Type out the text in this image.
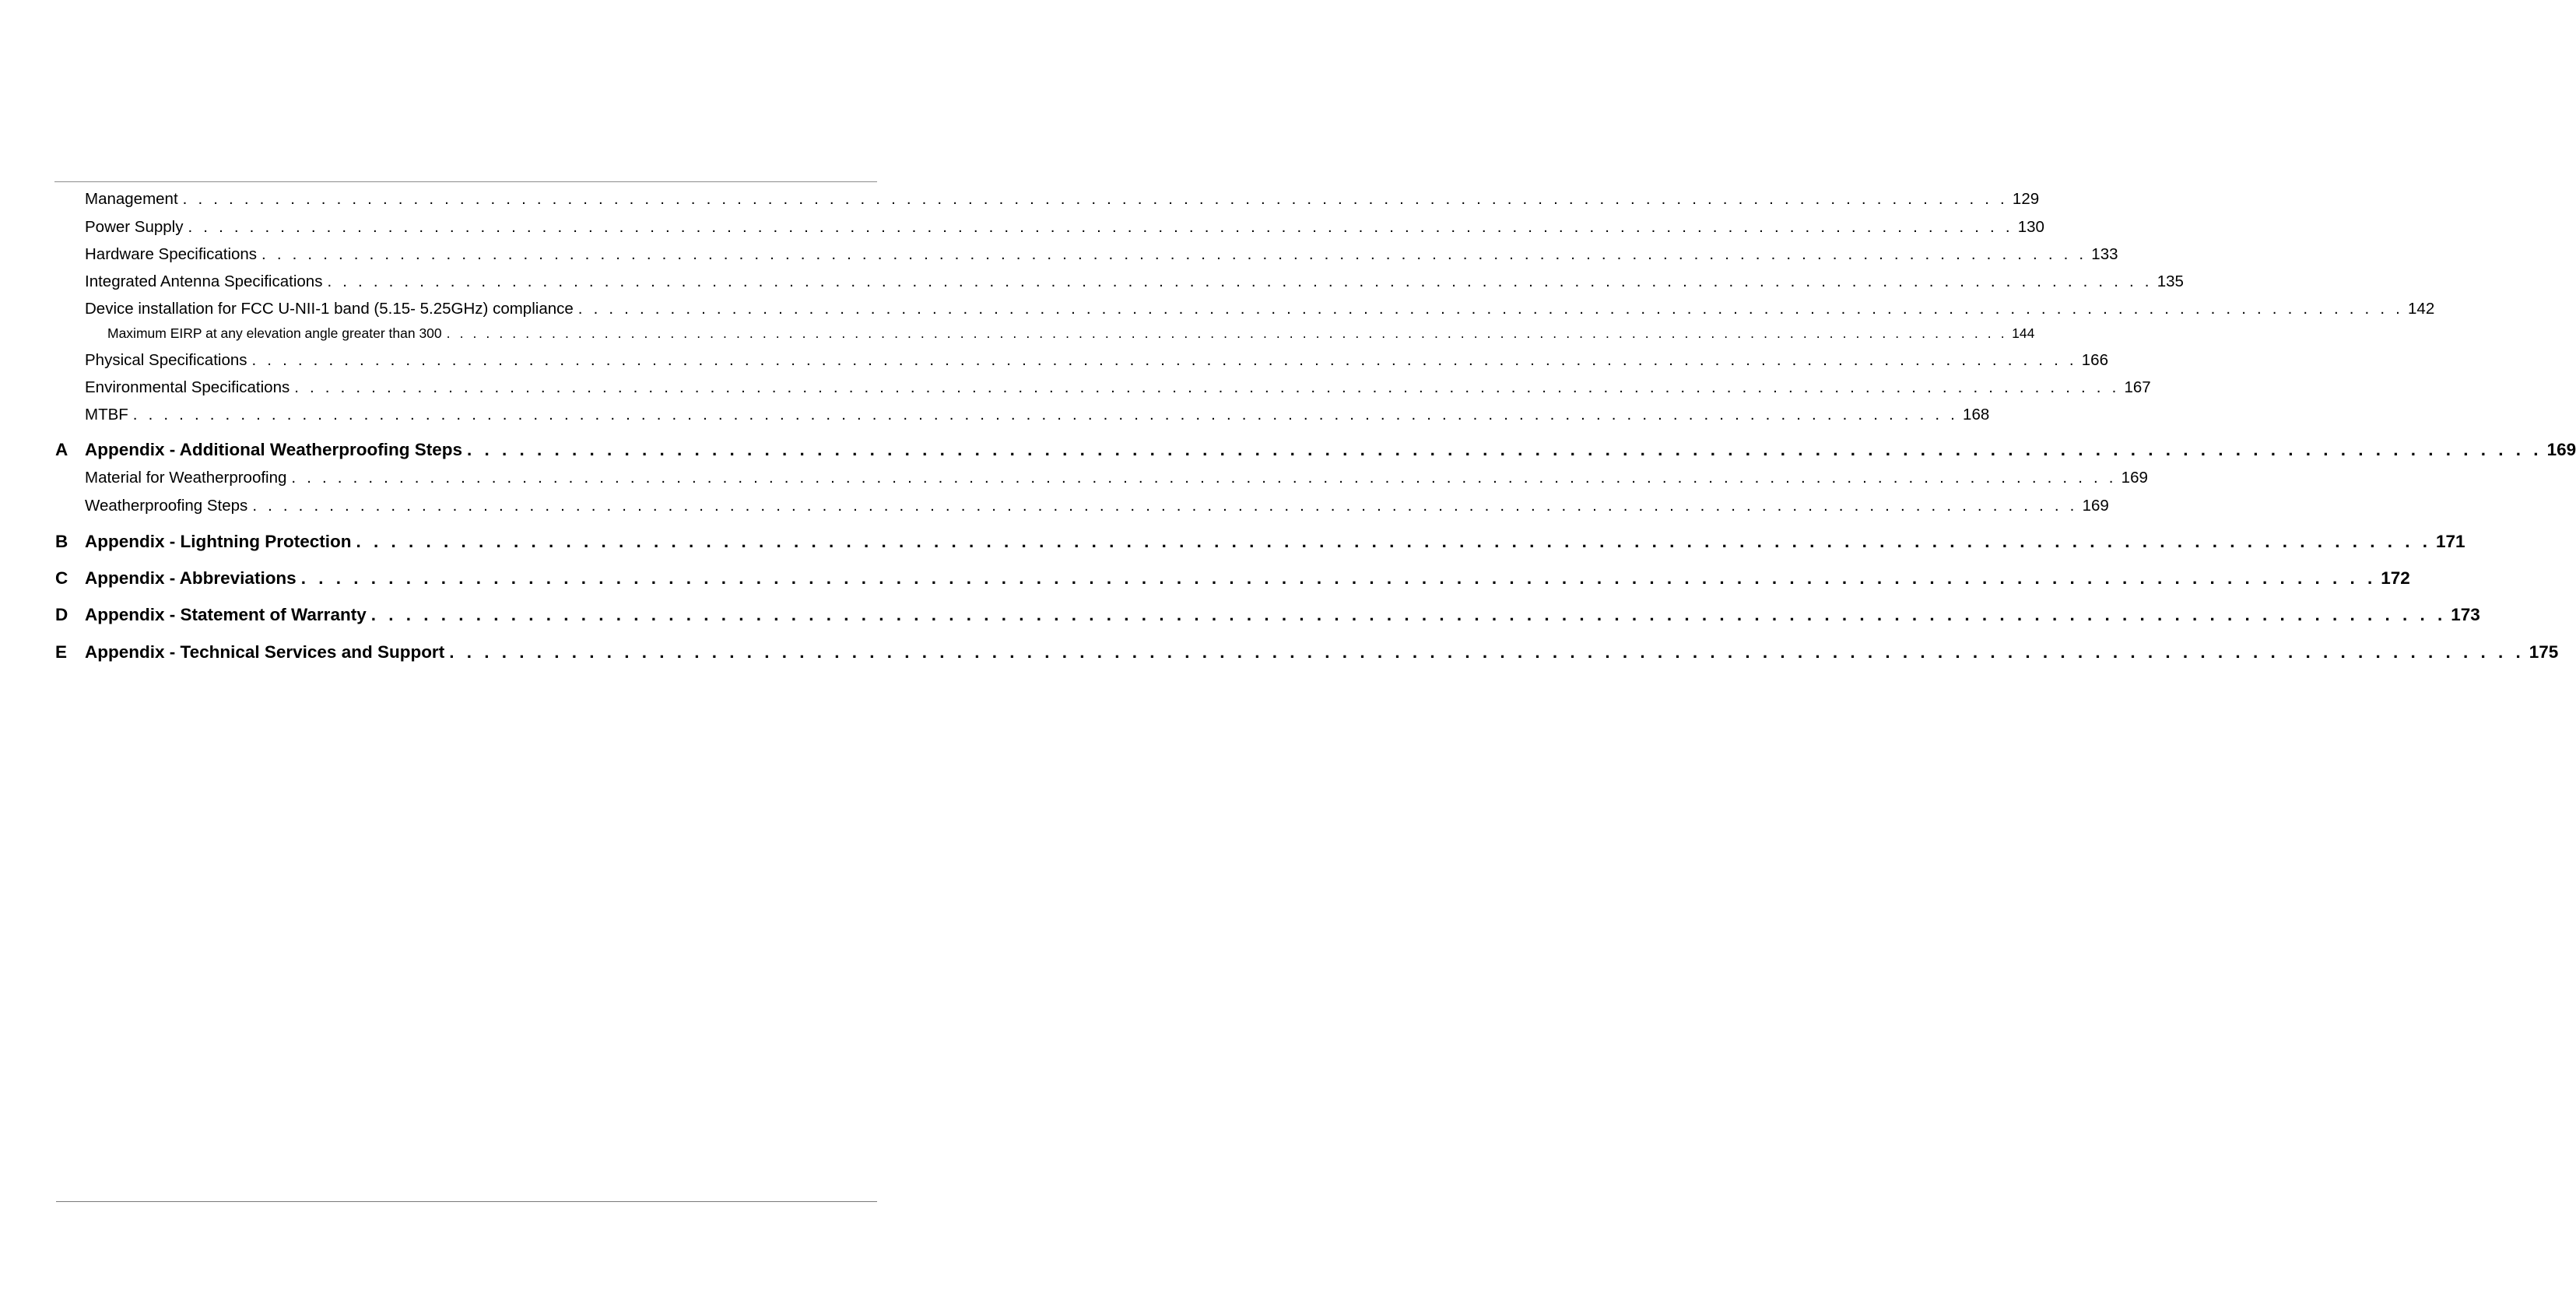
Management . . . . . . . . . . . . . . . . . . . . . . . . . . . . . . . . . . . . . . . . . . . . . . . . . . . . . . . . . . . . . . . . . . . . . . . . . . . . . . . . . . . . . . . . . . . . . . . . . . . . . . . . . . . . . . . . . . . . . . . 129
Power Supply . . . . . . . . . . . . . . . . . . . . . . . . . . . . . . . . . . . . . . . . . . . . . . . . . . . . . . . . . . . . . . . . . . . . . . . . . . . . . . . . . . . . . . . . . . . . . . . . . . . . . . . . . . . . . . . . . . . . . . . 130
Hardware Specifications . . . . . . . . . . . . . . . . . . . . . . . . . . . . . . . . . . . . . . . . . . . . . . . . . . . . . . . . . . . . . . . . . . . . . . . . . . . . . . . . . . . . . . . . . . . . . . . . . . . . . . . . . . . . . . . . . . . . . . . 133
Integrated Antenna Specifications . . . . . . . . . . . . . . . . . . . . . . . . . . . . . . . . . . . . . . . . . . . . . . . . . . . . . . . . . . . . . . . . . . . . . . . . . . . . . . . . . . . . . . . . . . . . . . . . . . . . . . . . . . . . . . . . . . . . . . . 135
Device installation for FCC U-NII-1 band (5.15- 5.25GHz) compliance . . . . . . . . . . . . . . . . . . . . . . . . . . . . . . . . . . . . . . . . . . . . . . . . . . . . . . . . . . . . . . . . . . . . . . . . . . . . . . . . . . . . . . . . . . . . . . . . . . . . . . . . . . . . . . . . . . . . . . . 142
Maximum EIRP at any elevation angle greater than 300 . . . . . . . . . . . . . . . . . . . . . . . . . . . . . . . . . . . . . . . . . . . . . . . . . . . . . . . . . . . . . . . . . . . . . . . . . . . . . . . . . . . . . . . . . . . . . . . . . . . . . . . . . . . . . . . . . . . . . . . 144
Physical Specifications . . . . . . . . . . . . . . . . . . . . . . . . . . . . . . . . . . . . . . . . . . . . . . . . . . . . . . . . . . . . . . . . . . . . . . . . . . . . . . . . . . . . . . . . . . . . . . . . . . . . . . . . . . . . . . . . . . . . . . . 166
Environmental Specifications . . . . . . . . . . . . . . . . . . . . . . . . . . . . . . . . . . . . . . . . . . . . . . . . . . . . . . . . . . . . . . . . . . . . . . . . . . . . . . . . . . . . . . . . . . . . . . . . . . . . . . . . . . . . . . . . . . . . . . . 167
MTBF . . . . . . . . . . . . . . . . . . . . . . . . . . . . . . . . . . . . . . . . . . . . . . . . . . . . . . . . . . . . . . . . . . . . . . . . . . . . . . . . . . . . . . . . . . . . . . . . . . . . . . . . . . . . . . . . . . . . . . . 168
A Appendix - Additional Weatherproofing Steps . . . . . . . . . . . . . . . . . . . . . . . . . . . . . . . . . . . . . . . . . . . . . . . . . . . . . . . . . . . . . . . . . . . . . . . . . . . . . . . . . . . . . . . . . . . . . . . . . . . . . . . . . . . . . . . . . . . . . . . 169
Material for Weatherproofing . . . . . . . . . . . . . . . . . . . . . . . . . . . . . . . . . . . . . . . . . . . . . . . . . . . . . . . . . . . . . . . . . . . . . . . . . . . . . . . . . . . . . . . . . . . . . . . . . . . . . . . . . . . . . . . . . . . . . . . 169
Weatherproofing Steps . . . . . . . . . . . . . . . . . . . . . . . . . . . . . . . . . . . . . . . . . . . . . . . . . . . . . . . . . . . . . . . . . . . . . . . . . . . . . . . . . . . . . . . . . . . . . . . . . . . . . . . . . . . . . . . . . . . . . . . 169
B Appendix - Lightning Protection . . . . . . . . . . . . . . . . . . . . . . . . . . . . . . . . . . . . . . . . . . . . . . . . . . . . . . . . . . . . . . . . . . . . . . . . . . . . . . . . . . . . . . . . . . . . . . . . . . . . . . . . . . . . . . . . . . . . . . . 171
C Appendix - Abbreviations . . . . . . . . . . . . . . . . . . . . . . . . . . . . . . . . . . . . . . . . . . . . . . . . . . . . . . . . . . . . . . . . . . . . . . . . . . . . . . . . . . . . . . . . . . . . . . . . . . . . . . . . . . . . . . . . . . . . . . . 172
D Appendix - Statement of Warranty . . . . . . . . . . . . . . . . . . . . . . . . . . . . . . . . . . . . . . . . . . . . . . . . . . . . . . . . . . . . . . . . . . . . . . . . . . . . . . . . . . . . . . . . . . . . . . . . . . . . . . . . . . . . . . . . . . . . . . . 173
E Appendix - Technical Services and Support . . . . . . . . . . . . . . . . . . . . . . . . . . . . . . . . . . . . . . . . . . . . . . . . . . . . . . . . . . . . . . . . . . . . . . . . . . . . . . . . . . . . . . . . . . . . . . . . . . . . . . . . . . . . . . . . . . . . . . . 175
